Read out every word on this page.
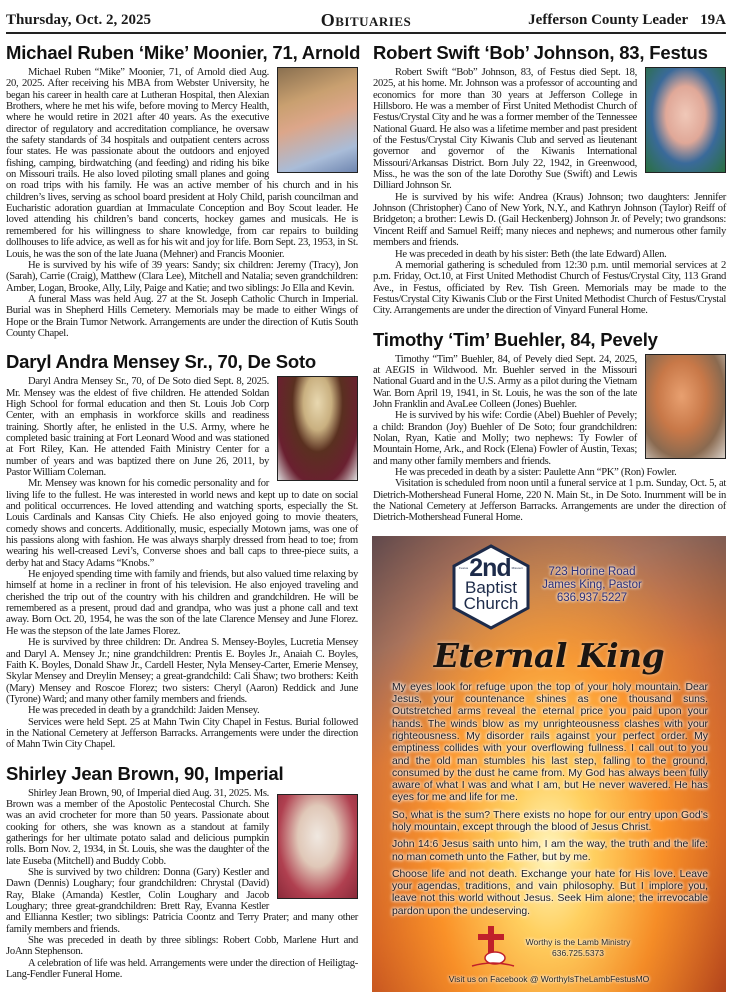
Thursday, Oct. 2, 2025	Obituaries	Jefferson County Leader 19A
Michael Ruben ‘Mike’ Moonier, 71, Arnold

Michael Ruben “Mike” Moonier, 71, of Arnold died Aug. 20, 2025. After receiving his MBA from Webster University, he began his career in health care at Lutheran Hospital, then Alexian Brothers, where he met his wife, before moving to Mercy Health, where he would retire in 2021 after 40 years. As the executive director of regulatory and accreditation compliance, he oversaw the safety standards of 34 hospitals and outpatient centers across four states. He was passionate about the outdoors and enjoyed fishing, camping, birdwatching (and feeding) and riding his bike on Missouri trails. He also loved piloting small planes and going on road trips with his family. He was an active member of his church and in his children’s lives, serving as school board president at Holy Child, parish councilman and Eucharistic adoration guardian at Immaculate Conception and Boy Scout leader. He loved attending his children’s band concerts, hockey games and musicals. He is remembered for his willingness to share knowledge, from car repairs to building dollhouses to life advice, as well as for his wit and joy for life. Born Sept. 23, 1953, in St. Louis, he was the son of the late Juana (Mehner) and Francis Moonier.

He is survived by his wife of 39 years: Sandy; six children: Jeremy (Tracy), Jon (Sarah), Carrie (Craig), Matthew (Clara Lee), Mitchell and Natalia; seven grandchildren: Amber, Logan, Brooke, Ally, Lily, Paige and Katie; and two siblings: Jo Ella and Kevin.

A funeral Mass was held Aug. 27 at the St. Joseph Catholic Church in Imperial. Burial was in Shepherd Hills Cemetery. Memorials may be made to either Wings of Hope or the Brain Tumor Network. Arrangements are under the direction of Kutis South County Chapel.

Daryl Andra Mensey Sr., 70, De Soto

Daryl Andra Mensey Sr., 70, of De Soto died Sept. 8, 2025. Mr. Mensey was the eldest of five children. He attended Soldan High School for formal education and then St. Louis Job Corp Center, with an emphasis in workforce skills and readiness training. Shortly after, he enlisted in the U.S. Army, where he completed basic training at Fort Leonard Wood and was stationed at Fort Riley, Kan. He attended Faith Ministry Center for a number of years and was baptized there on June 26, 2011, by Pastor William Coleman.

Mr. Mensey was known for his comedic personality and for living life to the fullest. He was interested in world news and kept up to date on social and political occurrences. He loved attending and watching sports, especially the St. Louis Cardinals and Kansas City Chiefs. He also enjoyed going to movie theaters, comedy shows and concerts. Additionally, music, especially Motown jams, was one of his passions along with fashion. He was always sharply dressed from head to toe; from wearing his well-creased Levi’s, Converse shoes and ball caps to three-piece suits, a derby hat and Stacy Adams “Knobs.”

He enjoyed spending time with family and friends, but also valued time relaxing by himself at home in a recliner in front of his television. He also enjoyed traveling and cherished the trip out of the country with his children and grandchildren. He will be remembered as a present, proud dad and grandpa, who was just a phone call and text away. Born Oct. 20, 1954, he was the son of the late Clarence Mensey and June Florez. He was the stepson of the late James Florez.

He is survived by three children: Dr. Andrea S. Mensey-Boyles, Lucretia Mensey and Daryl A. Mensey Jr.; nine grandchildren: Prentis E. Boyles Jr., Anaiah C. Boyles, Faith K. Boyles, Donald Shaw Jr., Cardell Hester, Nyla Mensey-Carter, Emerie Mensey, Skylar Mensey and Dreylin Mensey; a great-grandchild: Cali Shaw; two brothers: Keith (Mary) Mensey and Roscoe Florez; two sisters: Cheryl (Aaron) Reddick and June (Tyrone) Ward; and many other family members and friends.

He was preceded in death by a grandchild: Jaiden Mensey.

Services were held Sept. 25 at Mahn Twin City Chapel in Festus. Burial followed in the National Cemetery at Jefferson Barracks. Arrangements were under the direction of Mahn Twin City Chapel.

Shirley Jean Brown, 90, Imperial

Shirley Jean Brown, 90, of Imperial died Aug. 31, 2025. Ms. Brown was a member of the Apostolic Pentecostal Church. She was an avid crocheter for more than 50 years. Passionate about cooking for others, she was known as a standout at family gatherings for her ultimate potato salad and delicious pumpkin rolls. Born Nov. 2, 1934, in St. Louis, she was the daughter of the late Euseba (Mitchell) and Buddy Cobb.

She is survived by two children: Donna (Gary) Kestler and Dawn (Dennis) Loughary; four grandchildren: Chrystal (David) Ray, Blake (Amanda) Kestler, Colin Loughary and Jacob Loughary; three great-grandchildren: Brett Ray, Evanna Kestler and Ellianna Kestler; two siblings: Patricia Coontz and Terry Prater; and many other family members and friends.

She was preceded in death by three siblings: Robert Cobb, Marlene Hurt and JoAnn Stephenson.

A celebration of life was held. Arrangements were under the direction of Heiligtag-Lang-Fendler Funeral Home.

Robert Swift ‘Bob’ Johnson, 83, Festus

Robert Swift “Bob” Johnson, 83, of Festus died Sept. 18, 2025, at his home. Mr. Johnson was a professor of accounting and economics for more than 30 years at Jefferson College in Hillsboro. He was a member of First United Methodist Church of Festus/Crystal City and he was a former member of the Tennessee National Guard. He also was a lifetime member and past president of the Festus/Crystal City Kiwanis Club and served as lieutenant governor and governor of the Kiwanis International Missouri/Arkansas District. Born July 22, 1942, in Greenwood, Miss., he was the son of the late Dorothy Sue (Swift) and Lewis Dilliard Johnson Sr.

He is survived by his wife: Andrea (Kraus) Johnson; two daughters: Jennifer Johnson (Christopher) Cano of New York, N.Y., and Kathryn Johnson (Taylor) Reiff of Bridgeton; a brother: Lewis D. (Gail Heckenberg) Johnson Jr. of Pevely; two grandsons: Vincent Reiff and Samuel Reiff; many nieces and nephews; and numerous other family members and friends.

He was preceded in death by his sister: Beth (the late Edward) Allen.

A memorial gathering is scheduled from 12:30 p.m. until memorial services at 2 p.m. Friday, Oct.10, at First United Methodist Church of Festus/Crystal City, 113 Grand Ave., in Festus, officiated by Rev. Tish Green. Memorials may be made to the Festus/Crystal City Kiwanis Club or the First United Methodist Church of Festus/Crystal City. Arrangements are under the direction of Vinyard Funeral Home.

Timothy ‘Tim’ Buehler, 84, Pevely

Timothy “Tim” Buehler, 84, of Pevely died Sept. 24, 2025, at AEGIS in Wildwood. Mr. Buehler served in the Missouri National Guard and in the U.S. Army as a pilot during the Vietnam War. Born April 19, 1941, in St. Louis, he was the son of the late John Franklin and AvaLee Colleen (Jones) Buehler.

He is survived by his wife: Cordie (Abel) Buehler of Pevely; a child: Brandon (Joy) Buehler of De Soto; four grandchildren: Nolan, Ryan, Katie and Molly; two nephews: Ty Fowler of Mountain Home, Ark., and Rock (Elena) Fowler of Austin, Texas; and many other family members and friends.

He was preceded in death by a sister: Paulette Ann “PK” (Ron) Fowler.

Visitation is scheduled from noon until a funeral service at 1 p.m. Sunday, Oct. 5, at Dietrich-Mothershead Funeral Home, 220 N. Main St., in De Soto. Inurnment will be in the National Cemetery at Jefferson Barracks. Arrangements are under the direction of Dietrich-Mothershead Funeral Home.

Festus 2nd Missouri
Baptist
Church
723 Horine Road
James King, Pastor
636.937.5227
Eternal King

My eyes look for refuge upon the top of your holy mountain. Dear Jesus, your countenance shines as one thousand suns. Outstretched arms reveal the eternal price you paid upon your hands. The winds blow as my unrighteousness clashes with your righteousness. My disorder rails against your perfect order. My emptiness collides with your overflowing fullness. I call out to you and the old man stumbles his last step, falling to the ground, consumed by the dust he came from. My God has always been fully aware of what I was and what I am, but He never wavered. He has eyes for me and life for me.

So, what is the sum? There exists no hope for our entry upon God’s holy mountain, except through the blood of Jesus Christ.

John 14:6 Jesus saith unto him, I am the way, the truth and the life: no man cometh unto the Father, but by me.

Choose life and not death. Exchange your hate for His love. Leave your agendas, traditions, and vain philosophy. But I implore you, leave not this world without Jesus. Seek Him alone; the irrevocable pardon upon the undeserving.

Worthy is the Lamb Ministry
636.725.5373
Visit us on Facebook @ WorthyIsTheLambFestusMO
